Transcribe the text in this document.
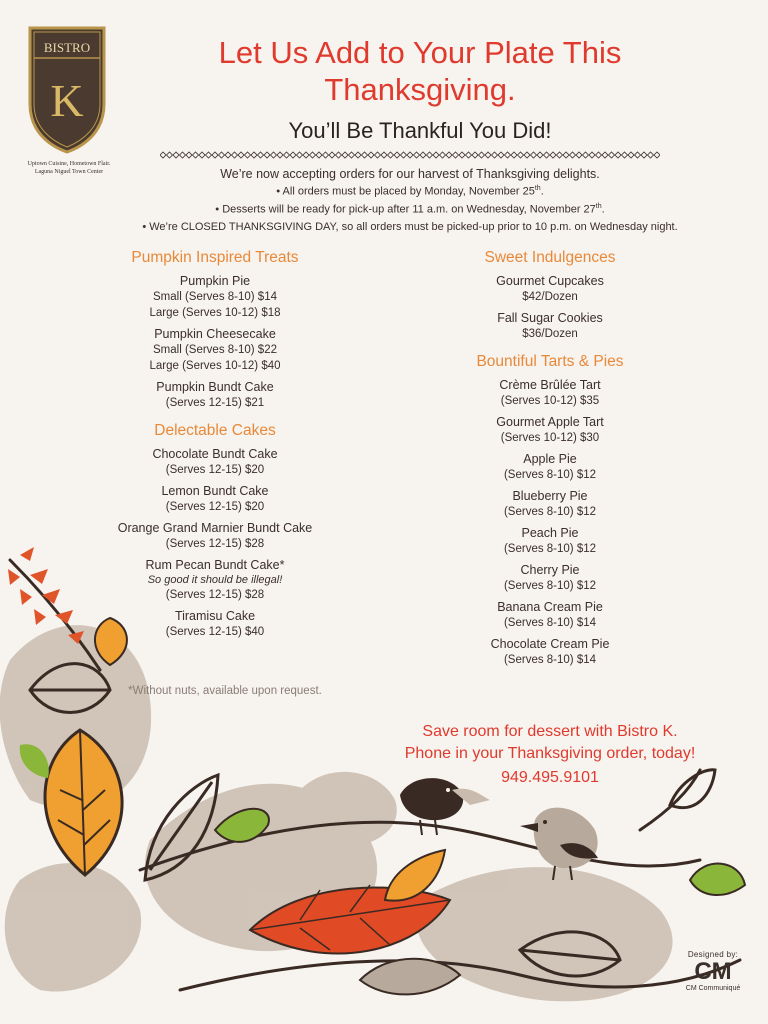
BISTRO
K
Uptown Cuisine, Hometown Flair.
Laguna Niguel Town Center
Let Us Add to Your Plate This
Thanksgiving.
You’ll Be Thankful You Did!
We’re now accepting orders for our harvest of Thanksgiving delights.
• All orders must be placed by Monday, November 25th.
• Desserts will be ready for pick-up after 11 a.m. on Wednesday, November 27th.
• We’re CLOSED THANKSGIVING DAY, so all orders must be picked-up prior to 10 p.m. on Wednesday night.
Pumpkin Inspired Treats
Pumpkin Pie
Small (Serves 8-10) $14
Large (Serves 10-12) $18
Pumpkin Cheesecake
Small (Serves 8-10) $22
Large (Serves 10-12) $40
Pumpkin Bundt Cake
(Serves 12-15) $21
Delectable Cakes
Chocolate Bundt Cake
(Serves 12-15) $20
Lemon Bundt Cake
(Serves 12-15) $20
Orange Grand Marnier Bundt Cake
(Serves 12-15) $28
Rum Pecan Bundt Cake*
So good it should be illegal!
(Serves 12-15) $28
Tiramisu Cake
(Serves 12-15) $40
Sweet Indulgences
Gourmet Cupcakes
$42/Dozen
Fall Sugar Cookies
$36/Dozen
Bountiful Tarts & Pies
Crème Brûlée Tart
(Serves 10-12) $35
Gourmet Apple Tart
(Serves 10-12) $30
Apple Pie
(Serves 8-10) $12
Blueberry Pie
(Serves 8-10) $12
Peach Pie
(Serves 8-10) $12
Cherry Pie
(Serves 8-10) $12
Banana Cream Pie
(Serves 8-10) $14
Chocolate Cream Pie
(Serves 8-10) $14
*Without nuts, available upon request.
Save room for dessert with Bistro K.
Phone in your Thanksgiving order, today!
949.495.9101
Designed by:
CM
CM Communiqué
